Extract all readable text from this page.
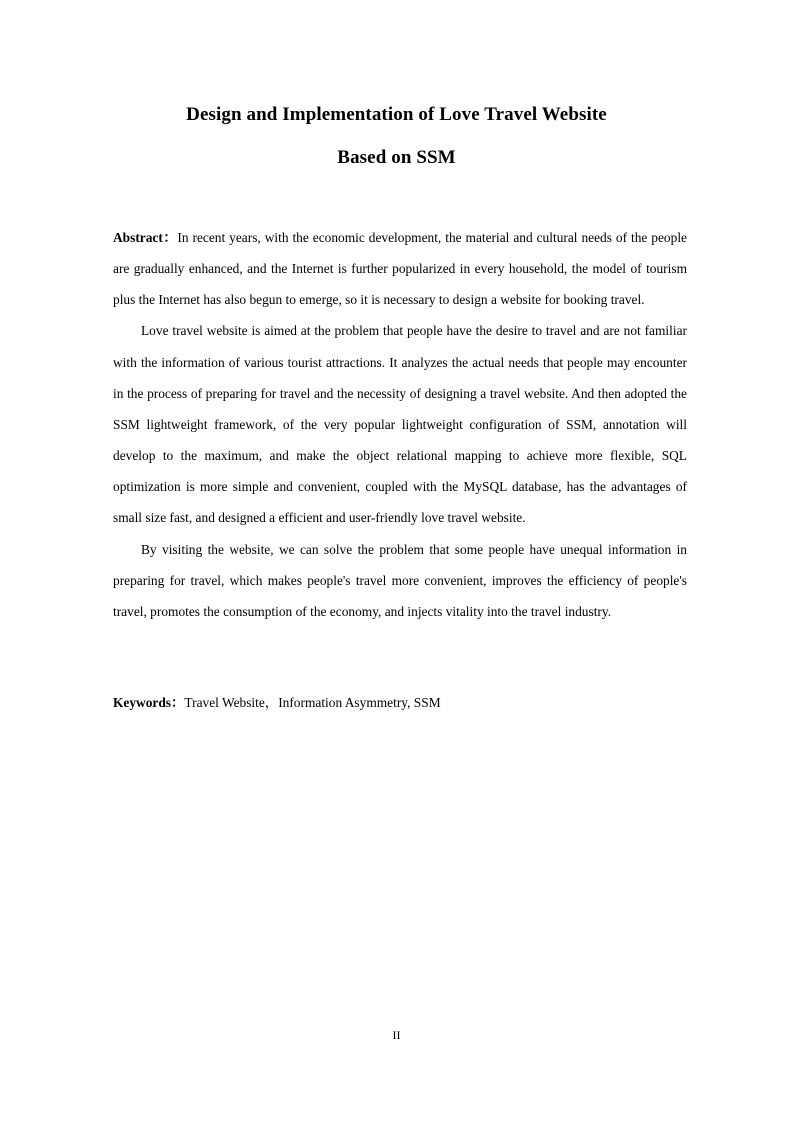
Design and Implementation of Love Travel Website
Based on SSM

Abstract：In recent years, with the economic development, the material and cultural needs of the people are gradually enhanced, and the Internet is further popularized in every household, the model of tourism plus the Internet has also begun to emerge, so it is necessary to design a website for booking travel.

Love travel website is aimed at the problem that people have the desire to travel and are not familiar with the information of various tourist attractions. It analyzes the actual needs that people may encounter in the process of preparing for travel and the necessity of designing a travel website. And then adopted the SSM lightweight framework, of the very popular lightweight configuration of SSM, annotation will develop to the maximum, and make the object relational mapping to achieve more flexible, SQL optimization is more simple and convenient, coupled with the MySQL database, has the advantages of small size fast, and designed a efficient and user-friendly love travel website.

By visiting the website, we can solve the problem that some people have unequal information in preparing for travel, which makes people's travel more convenient, improves the efficiency of people's travel, promotes the consumption of the economy, and injects vitality into the travel industry.

Keywords：Travel Website，Information Asymmetry, SSM
II
